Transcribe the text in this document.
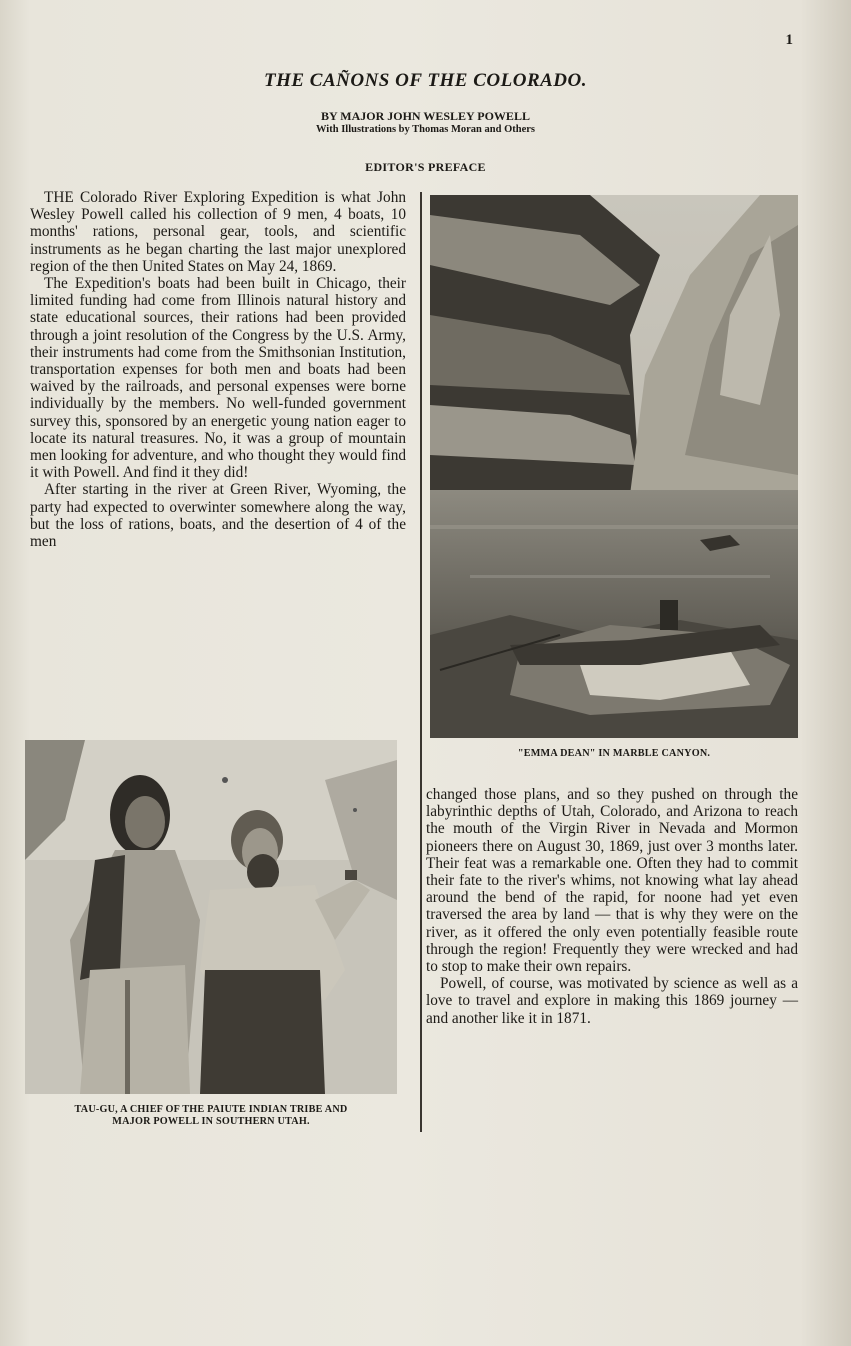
1
THE CAÑONS OF THE COLORADO.
BY MAJOR JOHN WESLEY POWELL
With Illustrations by Thomas Moran and Others
EDITOR'S PREFACE

THE Colorado River Exploring Expedition is what John Wesley Powell called his collection of 9 men, 4 boats, 10 months' rations, personal gear, tools, and scientific instruments as he began charting the last major unexplored region of the then United States on May 24, 1869.

The Expedition's boats had been built in Chicago, their limited funding had come from Illinois natural history and state educational sources, their rations had been provided through a joint resolution of the Congress by the U.S. Army, their instruments had come from the Smithsonian Institution, transportation expenses for both men and boats had been waived by the railroads, and personal expenses were borne individually by the members. No well-funded government survey this, sponsored by an energetic young nation eager to locate its natural treasures. No, it was a group of mountain men looking for adventure, and who thought they would find it with Powell. And find it they did!

After starting in the river at Green River, Wyoming, the party had expected to overwinter somewhere along the way, but the loss of rations, boats, and the desertion of 4 of the men

"EMMA DEAN" IN MARBLE CANYON.
TAU-GU, A CHIEF OF THE PAIUTE INDIAN TRIBE AND
MAJOR POWELL IN SOUTHERN UTAH.

changed those plans, and so they pushed on through the labyrinthic depths of Utah, Colorado, and Arizona to reach the mouth of the Virgin River in Nevada and Mormon pioneers there on August 30, 1869, just over 3 months later. Their feat was a remarkable one. Often they had to commit their fate to the river's whims, not knowing what lay ahead around the bend of the rapid, for noone had yet even traversed the area by land — that is why they were on the river, as it offered the only even potentially feasible route through the region! Frequently they were wrecked and had to stop to make their own repairs.

Powell, of course, was motivated by science as well as a love to travel and explore in making this 1869 journey — and another like it in 1871.
